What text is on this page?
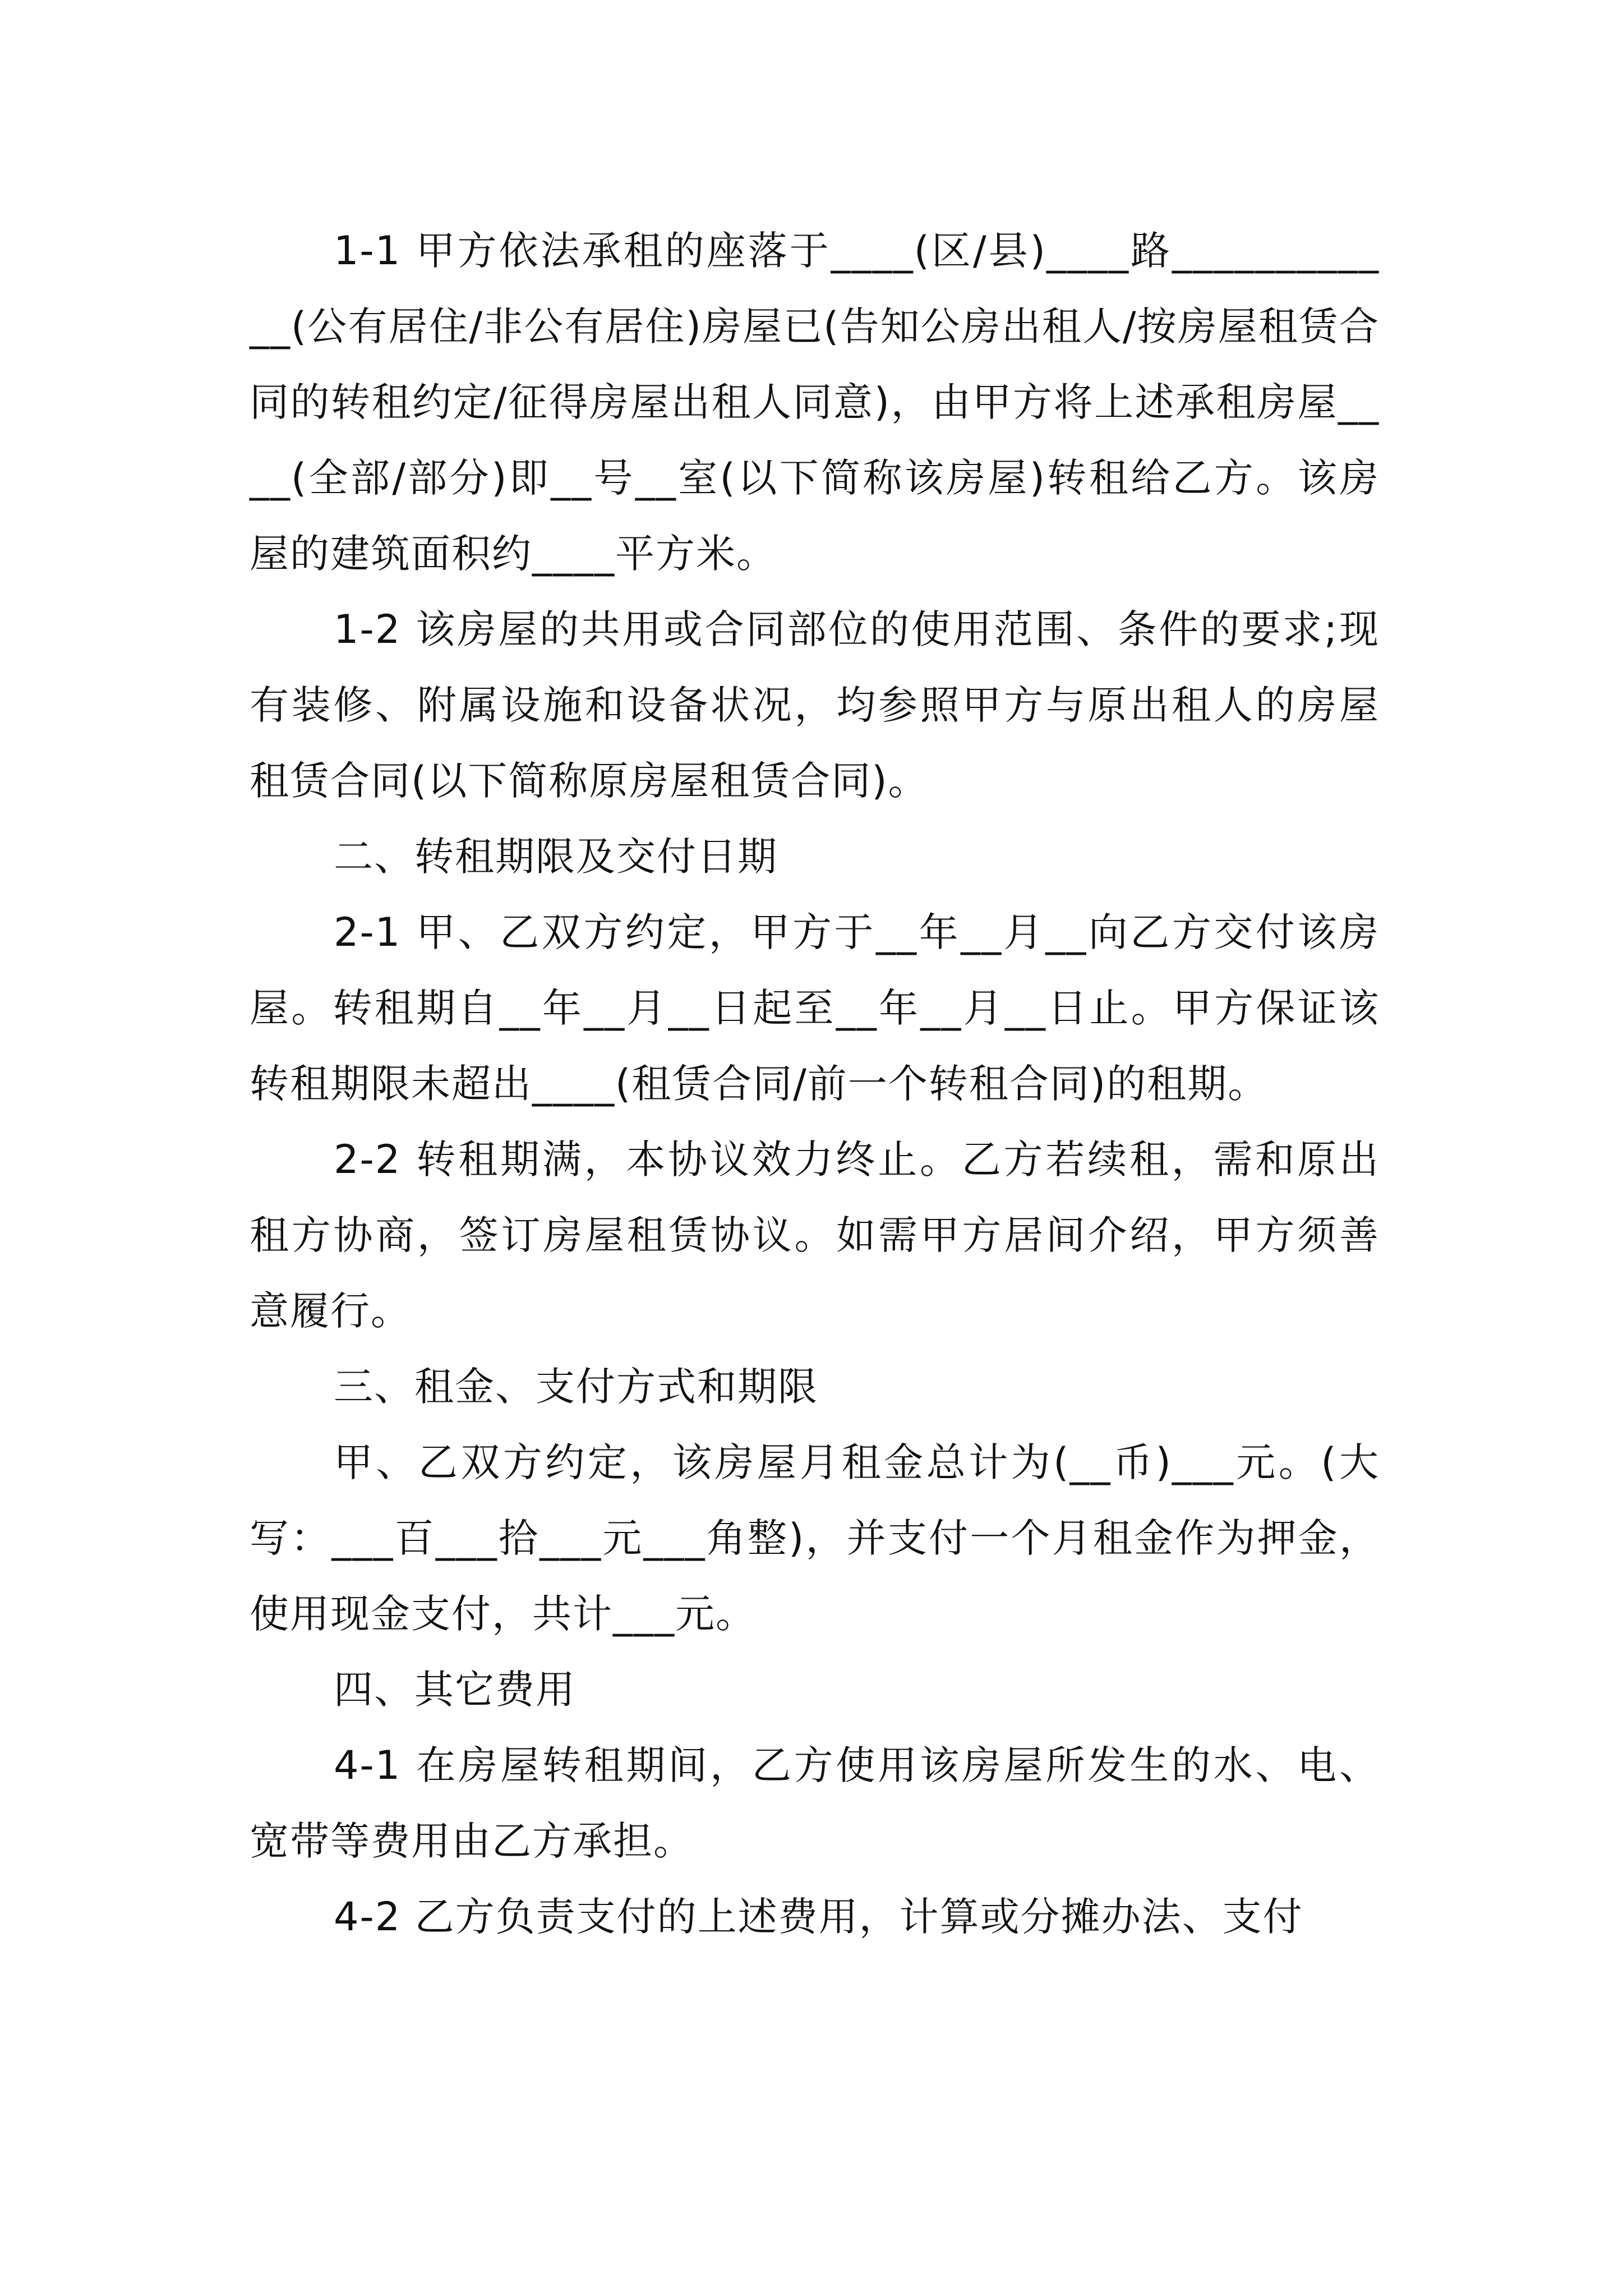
1-1 甲方依法承租的座落于____(区/县)____路____________(公有居住/非公有居住)房屋已(告知公房出租人/按房屋租赁合同的转租约定/征得房屋出租人同意)，由甲方将上述承租房屋____(全部/部分)即__号__室(以下简称该房屋)转租给乙方。该房屋的建筑面积约____平方米。

1-2 该房屋的共用或合同部位的使用范围、条件的要求;现有装修、附属设施和设备状况，均参照甲方与原出租人的房屋租赁合同(以下简称原房屋租赁合同)。

二、转租期限及交付日期

2-1 甲、乙双方约定，甲方于__年__月__向乙方交付该房屋。转租期自__年__月__日起至__年__月__日止。甲方保证该转租期限未超出____(租赁合同/前一个转租合同)的租期。

2-2 转租期满，本协议效力终止。乙方若续租，需和原出租方协商，签订房屋租赁协议。如需甲方居间介绍，甲方须善意履行。

三、租金、支付方式和期限

甲、乙双方约定，该房屋月租金总计为(__币)___元。(大写：___百___拾___元___角整)，并支付一个月租金作为押金，使用现金支付，共计___元。

四、其它费用

4-1 在房屋转租期间，乙方使用该房屋所发生的水、电、宽带等费用由乙方承担。

4-2 乙方负责支付的上述费用，计算或分摊办法、支付
